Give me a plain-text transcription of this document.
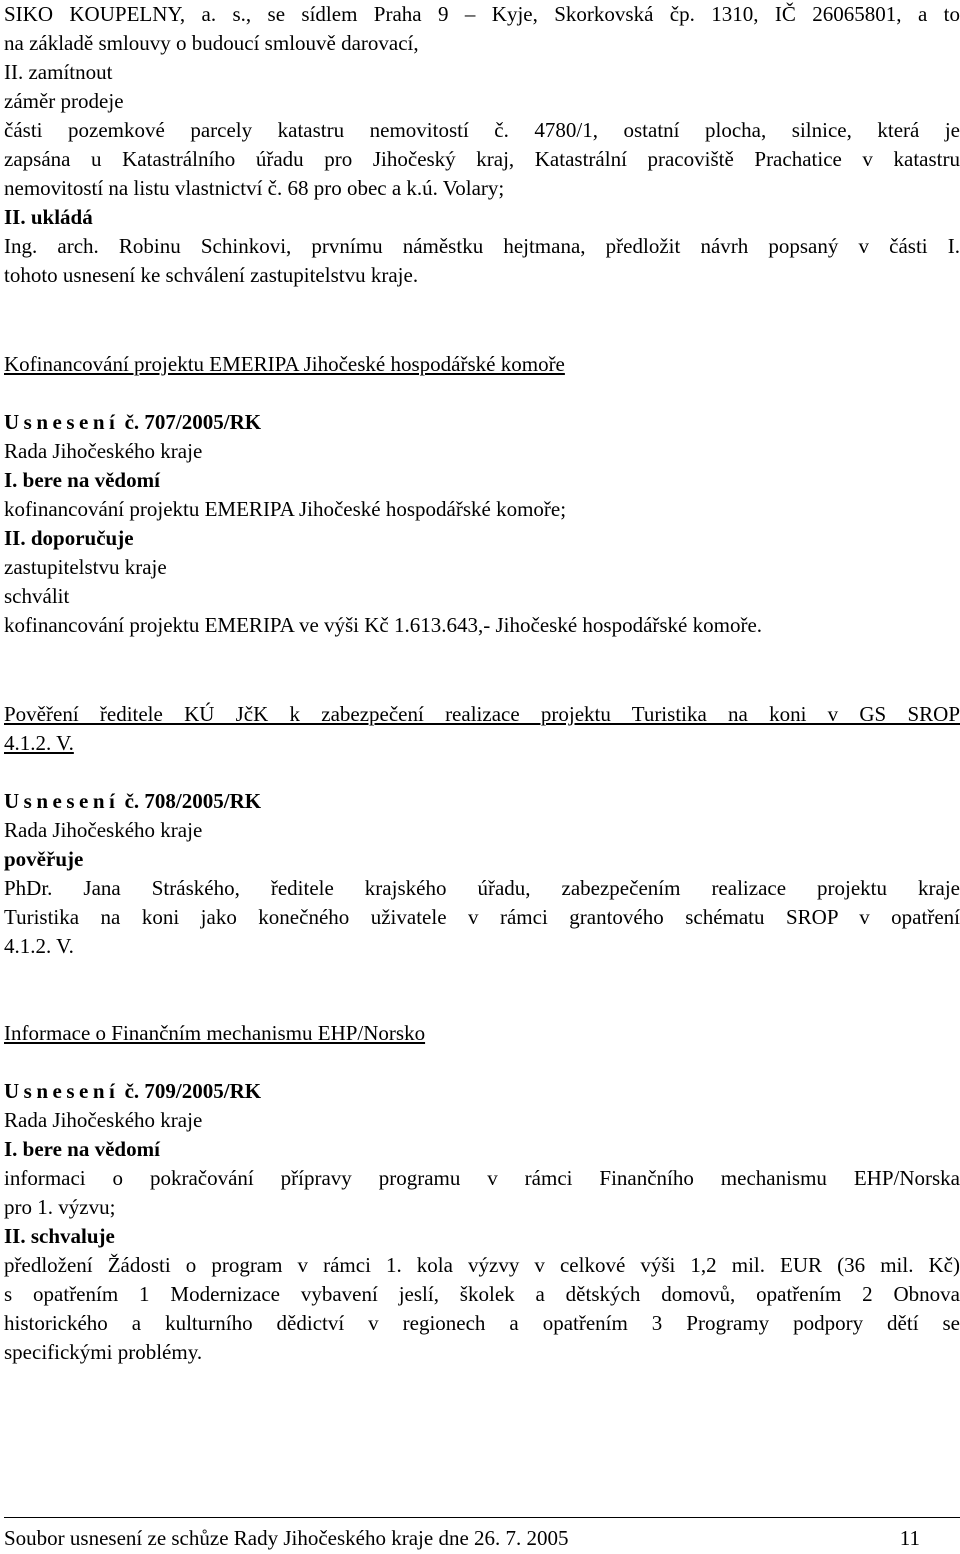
SIKO KOUPELNY, a. s., se sídlem Praha 9 – Kyje, Skorkovská čp. 1310, IČ 26065801, a to
na základě smlouvy o budoucí smlouvě darovací,
II. zamítnout
záměr prodeje
části pozemkové parcely katastru nemovitostí č. 4780/1, ostatní plocha, silnice, která je
zapsána u Katastrálního úřadu pro Jihočeský kraj, Katastrální pracoviště Prachatice v katastru
nemovitostí na listu vlastnictví č. 68 pro obec a k.ú. Volary;
II. ukládá
Ing. arch. Robinu Schinkovi, prvnímu náměstku hejtmana, předložit návrh popsaný v části I.
tohoto usnesení ke schválení zastupitelstvu kraje.
Kofinancování projektu EMERIPA Jihočeské hospodářské komoře
Usnesení č. 707/2005/RK
Rada Jihočeského kraje
I. bere na vědomí
kofinancování projektu EMERIPA Jihočeské hospodářské komoře;
II. doporučuje
zastupitelstvu kraje
schválit
kofinancování projektu EMERIPA ve výši Kč 1.613.643,- Jihočeské hospodářské komoře.
Pověření ředitele KÚ JčK k zabezpečení realizace projektu Turistika na koni v GS SROP
4.1.2. V.
Usnesení č. 708/2005/RK
Rada Jihočeského kraje
pověřuje
PhDr. Jana Stráského, ředitele krajského úřadu, zabezpečením realizace projektu kraje
Turistika na koni jako konečného uživatele v rámci grantového schématu SROP v opatření
4.1.2. V.
Informace o Finančním mechanismu EHP/Norsko
Usnesení č. 709/2005/RK
Rada Jihočeského kraje
I. bere na vědomí
informaci o pokračování přípravy programu v rámci Finančního mechanismu EHP/Norska
pro 1. výzvu;
II. schvaluje
předložení Žádosti o program v rámci 1. kola výzvy v celkové výši 1,2 mil. EUR (36 mil. Kč)
s opatřením 1 Modernizace vybavení jeslí, školek a dětských domovů, opatřením 2 Obnova
historického a kulturního dědictví v regionech a opatřením 3 Programy podpory dětí se
specifickými problémy.
Soubor usnesení ze schůze Rady Jihočeského kraje dne 26. 7. 2005	11
